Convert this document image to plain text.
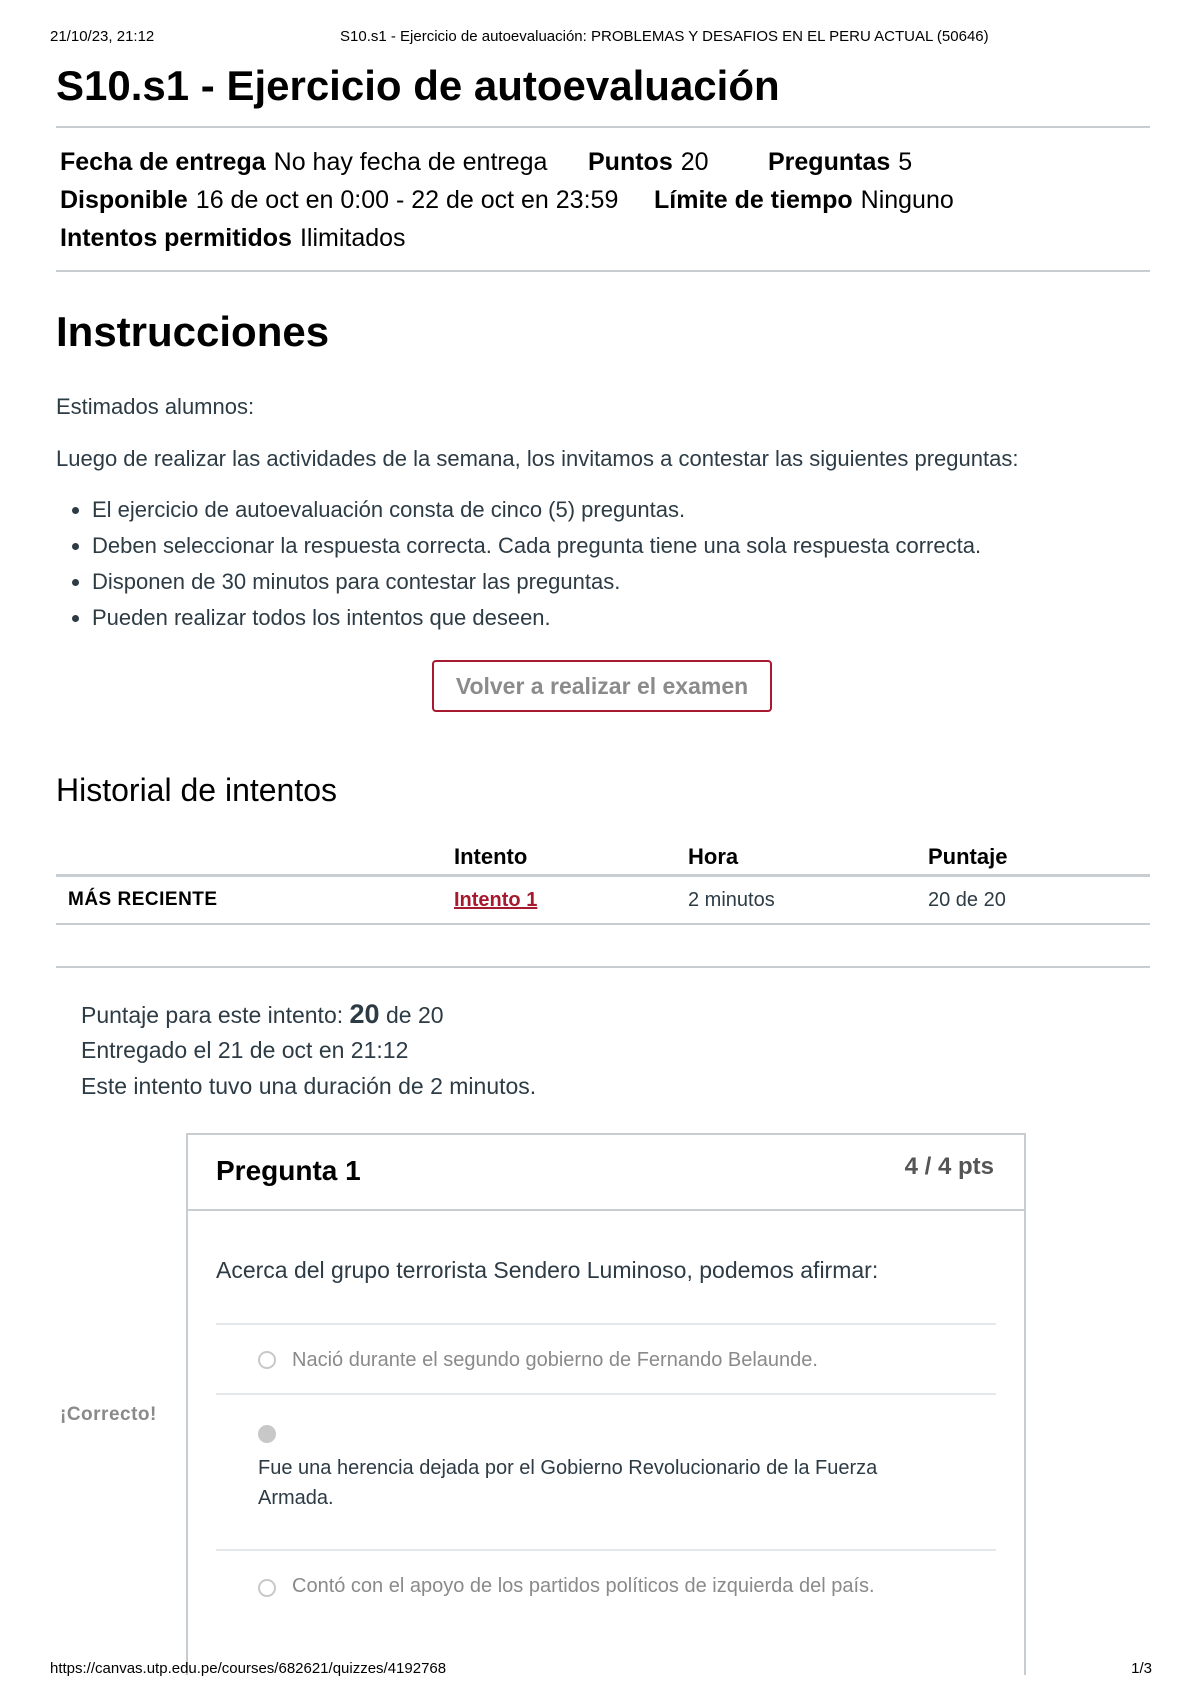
21/10/23, 21:12	S10.s1 - Ejercicio de autoevaluación: PROBLEMAS Y DESAFIOS EN EL PERU ACTUAL (50646)
S10.s1 - Ejercicio de autoevaluación
Fecha de entrega No hay fecha de entrega Puntos 20 Preguntas 5
Disponible 16 de oct en 0:00 - 22 de oct en 23:59 Límite de tiempo Ninguno
Intentos permitidos Ilimitados
Instrucciones

Estimados alumnos:

Luego de realizar las actividades de la semana, los invitamos a contestar las siguientes preguntas:

• El ejercicio de autoevaluación consta de cinco (5) preguntas.
• Deben seleccionar la respuesta correcta. Cada pregunta tiene una sola respuesta correcta.
• Disponen de 30 minutos para contestar las preguntas.
• Pueden realizar todos los intentos que deseen.
Volver a realizar el examen
Historial de intentos
	Intento	Hora	Puntaje
MÁS RECIENTE	Intento 1	2 minutos	20 de 20
Puntaje para este intento: 20 de 20
Entregado el 21 de oct en 21:12
Este intento tuvo una duración de 2 minutos.
¡Correcto!
Pregunta 1	4 / 4 pts
Acerca del grupo terrorista Sendero Luminoso, podemos afirmar:
Nació durante el segundo gobierno de Fernando Belaunde.
Fue una herencia dejada por el Gobierno Revolucionario de la Fuerza Armada.
Contó con el apoyo de los partidos políticos de izquierda del país.
https://canvas.utp.edu.pe/courses/682621/quizzes/4192768	1/3
